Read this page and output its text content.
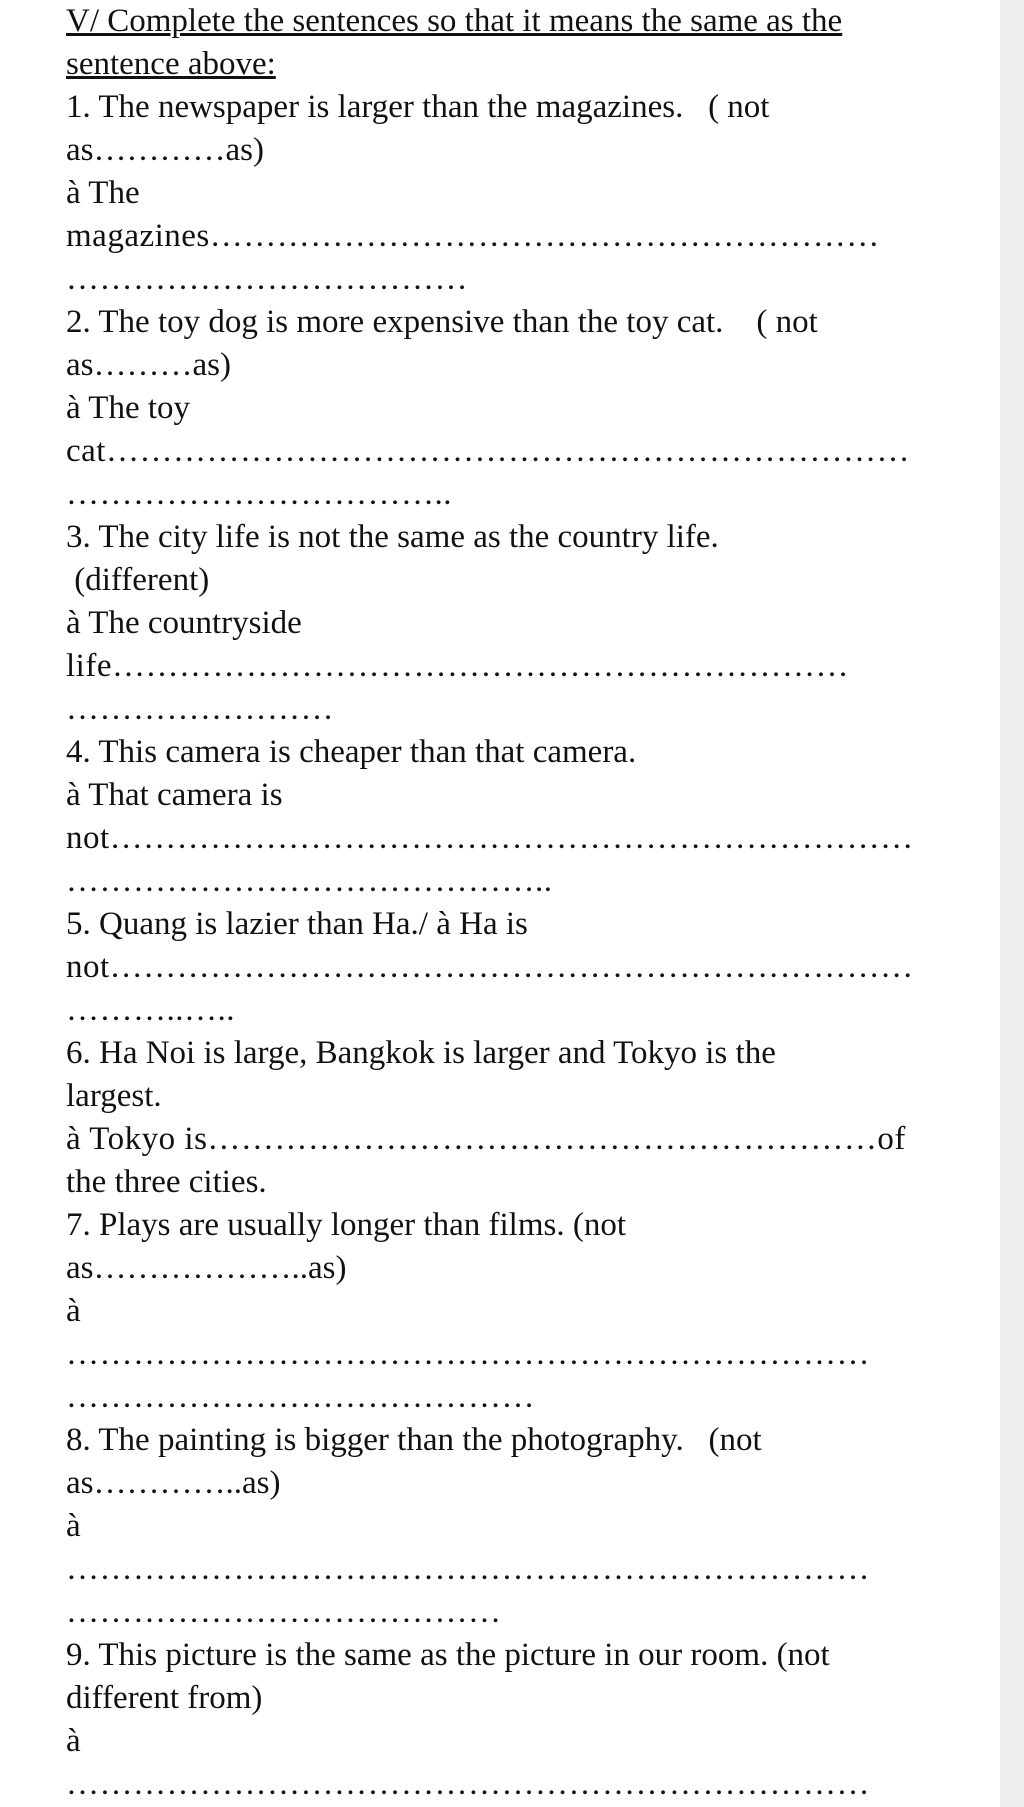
V/ Complete the sentences so that it means the same as the
sentence above:
1. The newspaper is larger than the magazines.   ( not
as…………as)
à The
magazines……………………………………………………
………………………………
2. The toy dog is more expensive than the toy cat.    ( not
as………as)
à The toy
cat………………………………………………………………
……………………………..
3. The city life is not the same as the country life.
(different)
à The countryside
life…………………………………………………………
……………………
4. This camera is cheaper than that camera.
à That camera is
not………………………………………………………………
……………………………………..
5. Quang is lazier than Ha./ à Ha is
not………………………………………………………………
………..…..
6. Ha Noi is large, Bangkok is larger and Tokyo is the
largest.
à Tokyo is……………………………………………………of
the three cities.
7. Plays are usually longer than films. (not
as………………..as)
à
………………………………………………………………
……………………………………
8. The painting is bigger than the photography.   (not
as…………..as)
à
………………………………………………………………
…………………………………
9. This picture is the same as the picture in our room. (not
different from)
à
………………………………………………………………
